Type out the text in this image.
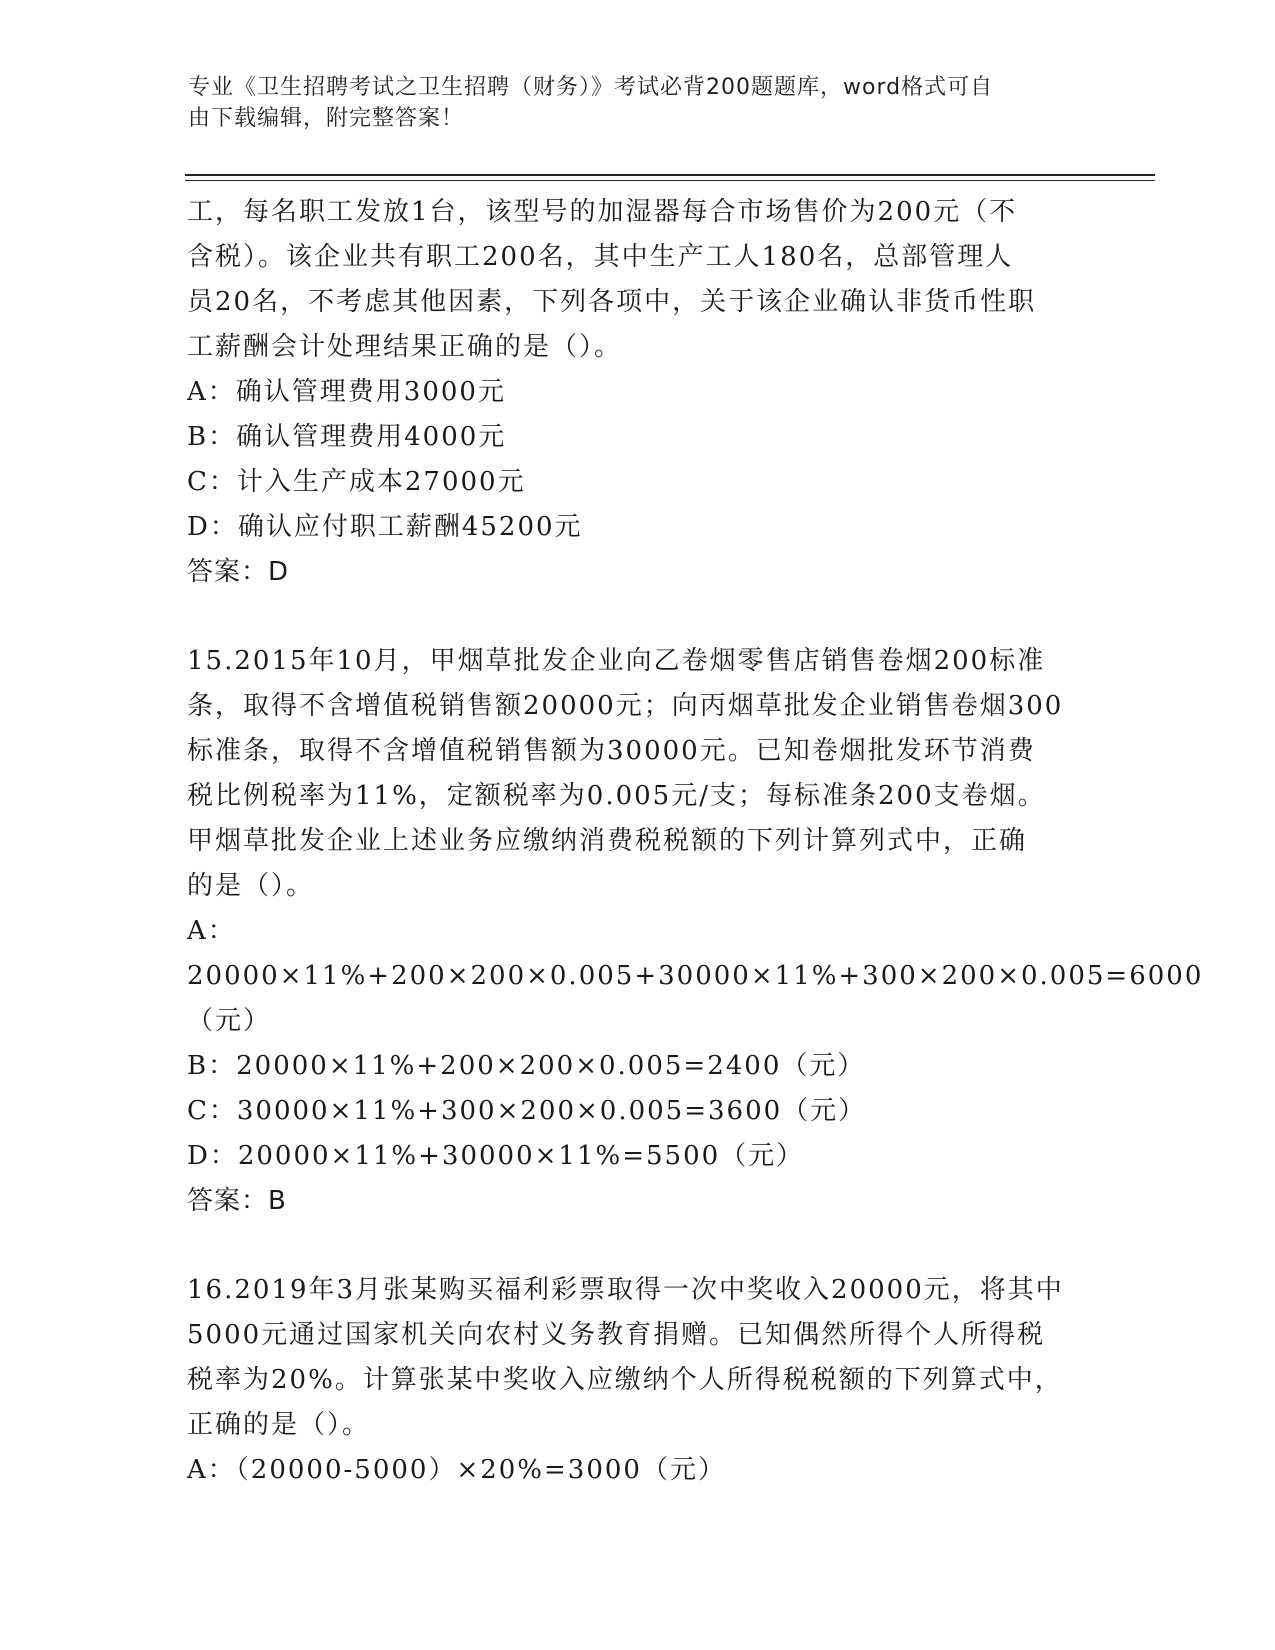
专业《卫生招聘考试之卫生招聘（财务）》考试必背200题题库，word格式可自
由下载编辑，附完整答案！

工，每名职工发放1台，该型号的加湿器每合市场售价为200元（不

含税）。该企业共有职工200名，其中生产工人180名，总部管理人

员20名，不考虑其他因素，下列各项中，关于该企业确认非货币性职

工薪酬会计处理结果正确的是（）。

A：确认管理费用3000元

B：确认管理费用4000元

C：计入生产成本27000元

D：确认应付职工薪酬45200元

答案：D

15.2015年10月，甲烟草批发企业向乙卷烟零售店销售卷烟200标准

条，取得不含增值税销售额20000元；向丙烟草批发企业销售卷烟300

标准条，取得不含增值税销售额为30000元。已知卷烟批发环节消费

税比例税率为11%，定额税率为0.005元/支；每标准条200支卷烟。

甲烟草批发企业上述业务应缴纳消费税税额的下列计算列式中，正确

的是（）。

A：20000×11%+200×200×0.005+30000×11%+300×200×0.005=6000

（元）

B：20000×11%+200×200×0.005=2400（元）

C：30000×11%+300×200×0.005=3600（元）

D：20000×11%+30000×11%=5500（元）

答案：B

16.2019年3月张某购买福利彩票取得一次中奖收入20000元，将其中

5000元通过国家机关向农村义务教育捐赠。已知偶然所得个人所得税

税率为20%。计算张某中奖收入应缴纳个人所得税税额的下列算式中，

正确的是（）。

A：（20000-5000）×20%=3000（元）
